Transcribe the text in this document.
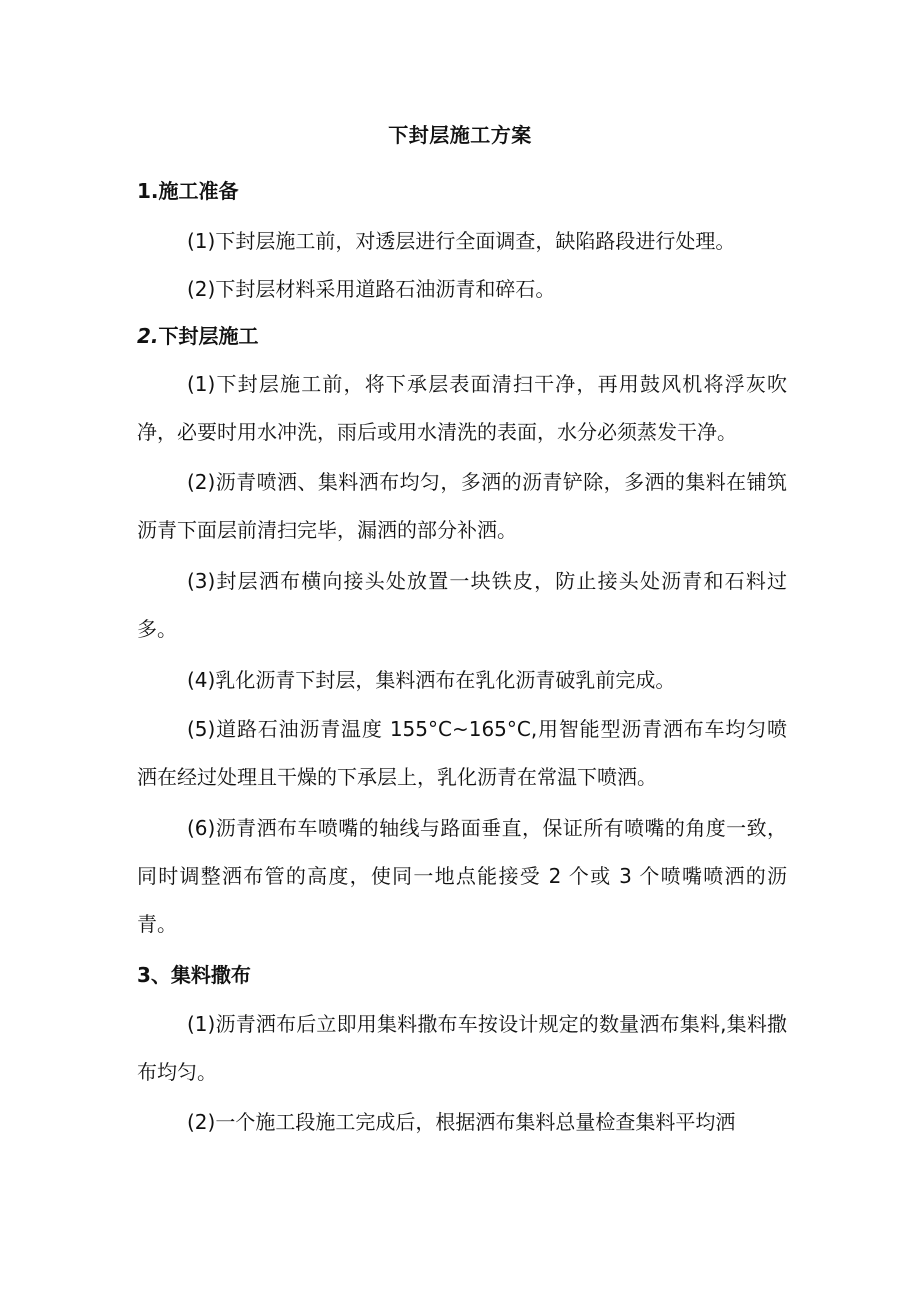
下封层施工方案
1.施工准备

(1)下封层施工前，对透层进行全面调查，缺陷路段进行处理。

(2)下封层材料采用道路石油沥青和碎石。

2.下封层施工

(1)下封层施工前，将下承层表面清扫干净，再用鼓风机将浮灰吹净，必要时用水冲洗，雨后或用水清洗的表面，水分必须蒸发干净。

(2)沥青喷洒、集料洒布均匀，多洒的沥青铲除，多洒的集料在铺筑沥青下面层前清扫完毕，漏洒的部分补洒。

(3)封层洒布横向接头处放置一块铁皮，防止接头处沥青和石料过多。

(4)乳化沥青下封层，集料洒布在乳化沥青破乳前完成。

(5)道路石油沥青温度 155°C~165°C,用智能型沥青洒布车均匀喷洒在经过处理且干燥的下承层上，乳化沥青在常温下喷洒。

(6)沥青洒布车喷嘴的轴线与路面垂直，保证所有喷嘴的角度一致，同时调整洒布管的高度，使同一地点能接受 2 个或 3 个喷嘴喷洒的沥青。

3、集料撒布

(1)沥青洒布后立即用集料撒布车按设计规定的数量洒布集料,集料撒布均匀。

(2)一个施工段施工完成后，根据洒布集料总量检查集料平均洒
